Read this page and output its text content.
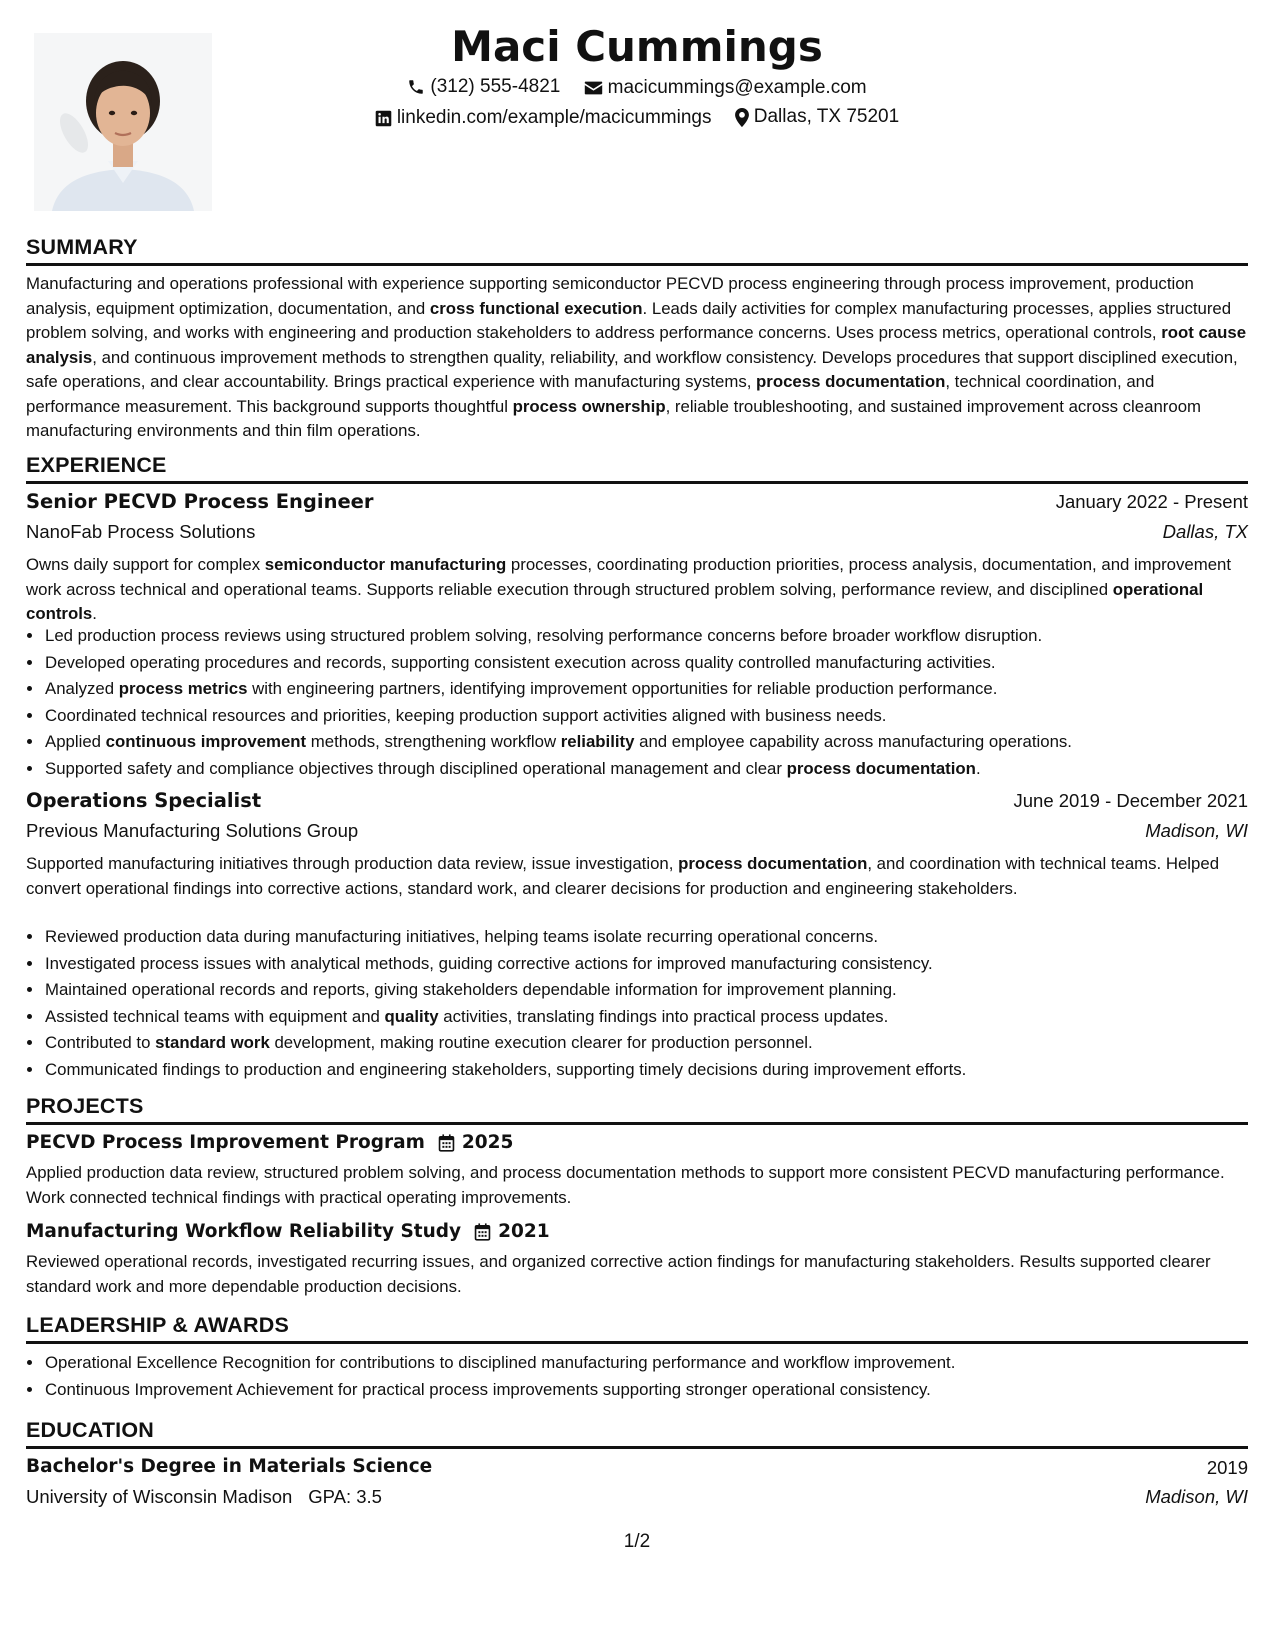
Maci Cummings
(312) 555-4821
macicummings@example.com
linkedin.com/example/macicummings
Dallas, TX 75201
SUMMARY
Manufacturing and operations professional with experience supporting semiconductor PECVD process engineering through process improvement, production analysis, equipment optimization, documentation, and cross functional execution. Leads daily activities for complex manufacturing processes, applies structured problem solving, and works with engineering and production stakeholders to address performance concerns. Uses process metrics, operational controls, root cause analysis, and continuous improvement methods to strengthen quality, reliability, and workflow consistency. Develops procedures that support disciplined execution, safe operations, and clear accountability. Brings practical experience with manufacturing systems, process documentation, technical coordination, and performance measurement. This background supports thoughtful process ownership, reliable troubleshooting, and sustained improvement across cleanroom manufacturing environments and thin film operations.
EXPERIENCE
Senior PECVD Process Engineer	January 2022 - Present
NanoFab Process Solutions	Dallas, TX
Owns daily support for complex semiconductor manufacturing processes, coordinating production priorities, process analysis, documentation, and improvement work across technical and operational teams. Supports reliable execution through structured problem solving, performance review, and disciplined operational controls.
• Led production process reviews using structured problem solving, resolving performance concerns before broader workflow disruption.
• Developed operating procedures and records, supporting consistent execution across quality controlled manufacturing activities.
• Analyzed process metrics with engineering partners, identifying improvement opportunities for reliable production performance.
• Coordinated technical resources and priorities, keeping production support activities aligned with business needs.
• Applied continuous improvement methods, strengthening workflow reliability and employee capability across manufacturing operations.
• Supported safety and compliance objectives through disciplined operational management and clear process documentation.
Operations Specialist	June 2019 - December 2021
Previous Manufacturing Solutions Group	Madison, WI
Supported manufacturing initiatives through production data review, issue investigation, process documentation, and coordination with technical teams. Helped convert operational findings into corrective actions, standard work, and clearer decisions for production and engineering stakeholders.
• Reviewed production data during manufacturing initiatives, helping teams isolate recurring operational concerns.
• Investigated process issues with analytical methods, guiding corrective actions for improved manufacturing consistency.
• Maintained operational records and reports, giving stakeholders dependable information for improvement planning.
• Assisted technical teams with equipment and quality activities, translating findings into practical process updates.
• Contributed to standard work development, making routine execution clearer for production personnel.
• Communicated findings to production and engineering stakeholders, supporting timely decisions during improvement efforts.
PROJECTS
PECVD Process Improvement Program 2025
Applied production data review, structured problem solving, and process documentation methods to support more consistent PECVD manufacturing performance. Work connected technical findings with practical operating improvements.
Manufacturing Workflow Reliability Study 2021
Reviewed operational records, investigated recurring issues, and organized corrective action findings for manufacturing stakeholders. Results supported clearer standard work and more dependable production decisions.
LEADERSHIP & AWARDS
• Operational Excellence Recognition for contributions to disciplined manufacturing performance and workflow improvement.
• Continuous Improvement Achievement for practical process improvements supporting stronger operational consistency.
EDUCATION
Bachelor's Degree in Materials Science	2019
University of Wisconsin Madison GPA: 3.5	Madison, WI
1/2
